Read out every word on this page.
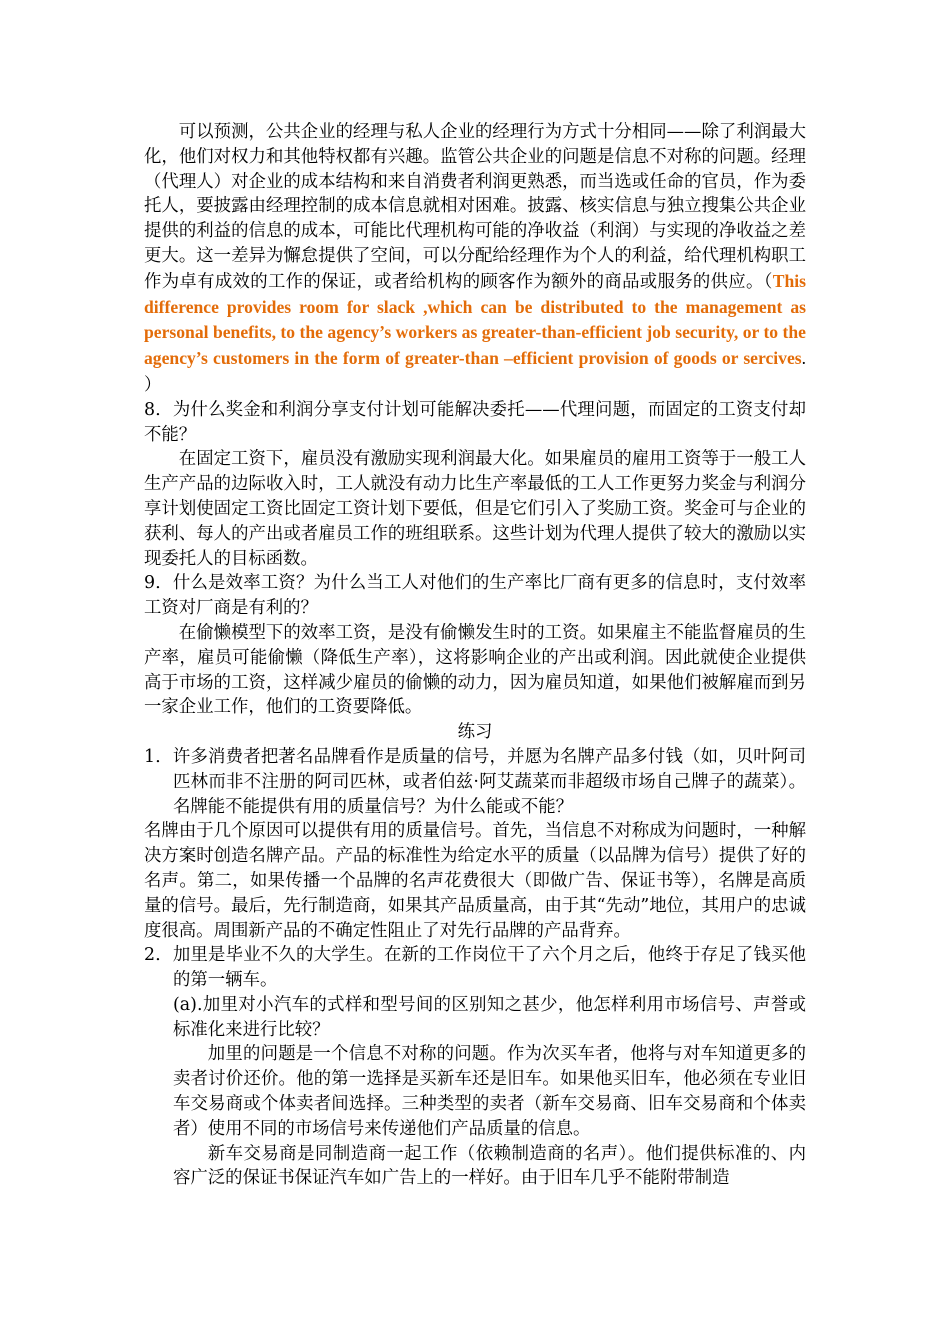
可以预测，公共企业的经理与私人企业的经理行为方式十分相同——除了利润最大化，他们对权力和其他特权都有兴趣。监管公共企业的问题是信息不对称的问题。经理（代理人）对企业的成本结构和来自消费者利润更熟悉，而当选或任命的官员，作为委托人，要披露由经理控制的成本信息就相对困难。披露、核实信息与独立搜集公共企业提供的利益的信息的成本，可能比代理机构可能的净收益（利润）与实现的净收益之差更大。这一差异为懈怠提供了空间，可以分配给经理作为个人的利益，给代理机构职工作为卓有成效的工作的保证，或者给机构的顾客作为额外的商品或服务的供应。（This difference provides room for slack ,which can be distributed to the management as personal benefits, to the agency’s workers as greater-than-efficient job security, or to the agency’s customers in the form of greater-than –efficient provision of goods or sercives. ）

8．为什么奖金和利润分享支付计划可能解决委托——代理问题，而固定的工资支付却不能？

在固定工资下，雇员没有激励实现利润最大化。如果雇员的雇用工资等于一般工人生产产品的边际收入时，工人就没有动力比生产率最低的工人工作更努力奖金与利润分享计划使固定工资比固定工资计划下要低，但是它们引入了奖励工资。奖金可与企业的获利、每人的产出或者雇员工作的班组联系。这些计划为代理人提供了较大的激励以实现委托人的目标函数。

9．什么是效率工资？为什么当工人对他们的生产率比厂商有更多的信息时，支付效率工资对厂商是有利的？

在偷懒模型下的效率工资，是没有偷懒发生时的工资。如果雇主不能监督雇员的生产率，雇员可能偷懒（降低生产率），这将影响企业的产出或利润。因此就使企业提供高于市场的工资，这样减少雇员的偷懒的动力，因为雇员知道，如果他们被解雇而到另一家企业工作，他们的工资要降低。

练习

1．许多消费者把著名品牌看作是质量的信号，并愿为名牌产品多付钱（如，贝叶阿司匹林而非不注册的阿司匹林，或者伯兹·阿艾蔬菜而非超级市场自己牌子的蔬菜）。名牌能不能提供有用的质量信号？为什么能或不能？

名牌由于几个原因可以提供有用的质量信号。首先，当信息不对称成为问题时，一种解决方案时创造名牌产品。产品的标准性为给定水平的质量（以品牌为信号）提供了好的名声。第二，如果传播一个品牌的名声花费很大（即做广告、保证书等），名牌是高质量的信号。最后，先行制造商，如果其产品质量高，由于其“先动”地位，其用户的忠诚度很高。周围新产品的不确定性阻止了对先行品牌的产品背弃。

2．加里是毕业不久的大学生。在新的工作岗位干了六个月之后，他终于存足了钱买他的第一辆车。

(a).加里对小汽车的式样和型号间的区别知之甚少，他怎样利用市场信号、声誉或标准化来进行比较？

加里的问题是一个信息不对称的问题。作为次买车者，他将与对车知道更多的卖者讨价还价。他的第一选择是买新车还是旧车。如果他买旧车，他必须在专业旧车交易商或个体卖者间选择。三种类型的卖者（新车交易商、旧车交易商和个体卖者）使用不同的市场信号来传递他们产品质量的信息。

新车交易商是同制造商一起工作（依赖制造商的名声）。他们提供标准的、内容广泛的保证书保证汽车如广告上的一样好。由于旧车几乎不能附带制造
